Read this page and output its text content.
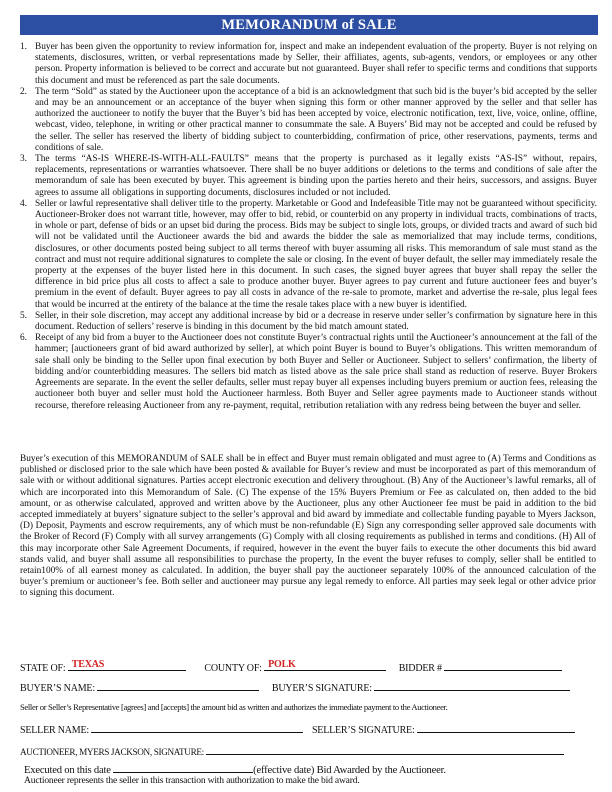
MEMORANDUM of SALE
1. Buyer has been given the opportunity to review information for, inspect and make an independent evaluation of the property. Buyer is not relying on statements, disclosures, written, or verbal representations made by Seller, their affiliates, agents, sub-agents, vendors, or employees or any other person. Property information is believed to be correct and accurate but not guaranteed. Buyer shall refer to specific terms and conditions that supports this document and must be referenced as part the sale documents.
2. The term “Sold” as stated by the Auctioneer upon the acceptance of a bid is an acknowledgment that such bid is the buyer’s bid accepted by the seller and may be an announcement or an acceptance of the buyer when signing this form or other manner approved by the seller and that seller has authorized the auctioneer to notify the buyer that the Buyer’s bid has been accepted by voice, electronic notification, text, live, voice, online, offline, webcast, video, telephone, in writing or other practical manner to consummate the sale. A Buyers’ Bid may not be accepted and could be refused by the seller. The seller has reserved the liberty of bidding subject to counterbidding, confirmation of price, other reservations, payments, terms and conditions of sale.
3. The terms “AS-IS WHERE-IS-WITH-ALL-FAULTS” means that the property is purchased as it legally exists “AS-IS” without, repairs, replacements, representations or warranties whatsoever. There shall be no buyer additions or deletions to the terms and conditions of sale after the memorandum of sale has been executed by buyer. This agreement is binding upon the parties hereto and their heirs, successors, and assigns. Buyer agrees to assume all obligations in supporting documents, disclosures included or not included.
4. Seller or lawful representative shall deliver title to the property. Marketable or Good and Indefeasible Title may not be guaranteed without specificity. Auctioneer-Broker does not warrant title, however, may offer to bid, rebid, or counterbid on any property in individual tracts, combinations of tracts, in whole or part, defense of bids or an upset bid during the process. Bids may be subject to single lots, groups, or divided tracts and award of such bid will not be validated until the Auctioneer awards the bid and awards the bidder the sale as memorialized that may include terms, conditions, disclosures, or other documents posted being subject to all terms thereof with buyer assuming all risks. This memorandum of sale must stand as the contract and must not require additional signatures to complete the sale or closing. In the event of buyer default, the seller may immediately resale the property at the expenses of the buyer listed here in this document. In such cases, the signed buyer agrees that buyer shall repay the seller the difference in bid price plus all costs to affect a sale to produce another buyer. Buyer agrees to pay current and future auctioneer fees and buyer’s premium in the event of default. Buyer agrees to pay all costs in advance of the re-sale to promote, market and advertise the re-sale, plus legal fees that would be incurred at the entirety of the balance at the time the resale takes place with a new buyer is identified.
5. Seller, in their sole discretion, may accept any additional increase by bid or a decrease in reserve under seller’s confirmation by signature here in this document. Reduction of sellers’ reserve is binding in this document by the bid match amount stated.
6. Receipt of any bid from a buyer to the Auctioneer does not constitute Buyer’s contractual rights until the Auctioneer’s announcement at the fall of the hammer; [auctioneers grant of bid award authorized by seller], at which point Buyer is bound to Buyer’s obligations. This written memorandum of sale shall only be binding to the Seller upon final execution by both Buyer and Seller or Auctioneer. Subject to sellers’ confirmation, the liberty of bidding and/or counterbidding measures. The sellers bid match as listed above as the sale price shall stand as reduction of reserve. Buyer Brokers Agreements are separate. In the event the seller defaults, seller must repay buyer all expenses including buyers premium or auction fees, releasing the auctioneer both buyer and seller must hold the Auctioneer harmless. Both Buyer and Seller agree payments made to Auctioneer stands without recourse, therefore releasing Auctioneer from any re-payment, requital, retribution retaliation with any redress being between the buyer and seller.
Buyer’s execution of this MEMORANDUM of SALE shall be in effect and Buyer must remain obligated and must agree to (A) Terms and Conditions as published or disclosed prior to the sale which have been posted & available for Buyer’s review and must be incorporated as part of this memorandum of sale with or without additional signatures. Parties accept electronic execution and delivery throughout. (B) Any of the Auctioneer’s lawful remarks, all of which are incorporated into this Memorandum of Sale. (C) The expense of the 15% Buyers Premium or Fee as calculated on, then added to the bid amount, or as otherwise calculated, approved and written above by the Auctioneer, plus any other Auctioneer fee must be paid in addition to the bid accepted immediately at buyers’ signature subject to the seller’s approval and bid award by immediate and collectable funding payable to Myers Jackson, (D) Deposit, Payments and escrow requirements, any of which must be non-refundable (E) Sign any corresponding seller approved sale documents with the Broker of Record (F) Comply with all survey arrangements (G) Comply with all closing requirements as published in terms and conditions. (H) All of this may incorporate other Sale Agreement Documents, if required, however in the event the buyer fails to execute the other documents this bid award stands valid, and buyer shall assume all responsibilities to purchase the property, In the event the buyer refuses to comply, seller shall be entitled to retain100% of all earnest money as calculated. In addition, the buyer shall pay the auctioneer separately 100% of the announced calculation of the buyer’s premium or auctioneer’s fee. Both seller and auctioneer may pursue any legal remedy to enforce. All parties may seek legal or other advice prior to signing this document.
STATE OF: TEXAS	COUNTY OF: POLK	BIDDER #
BUYER’S NAME:	BUYER’S SIGNATURE:
Seller or Seller’s Representative [agrees] and [accepts] the amount bid as written and authorizes the immediate payment to the Auctioneer.
SELLER NAME:	SELLER’S SIGNATURE:
AUCTIONEER, MYERS JACKSON, SIGNATURE:
Executed on this date	(effective date) Bid Awarded by the Auctioneer.
Auctioneer represents the seller in this transaction with authorization to make the bid award.
